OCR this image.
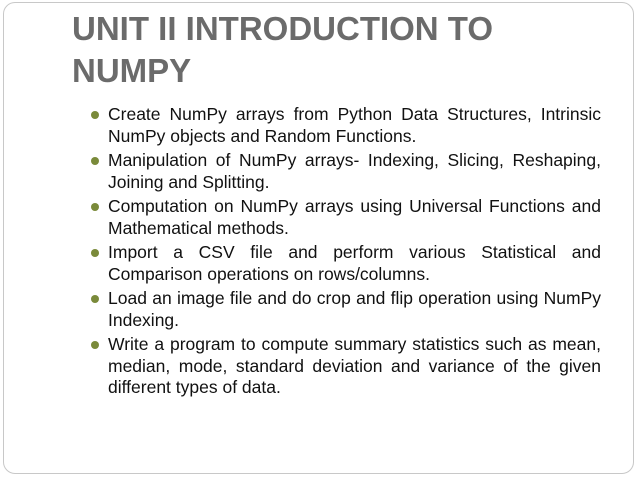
UNIT II INTRODUCTION TO NUMPY
Create NumPy arrays from Python Data Structures, Intrinsic NumPy objects and Random Functions.
Manipulation of NumPy arrays- Indexing, Slicing, Reshaping, Joining and Splitting.
Computation on NumPy arrays using Universal Functions and Mathematical methods.
Import a CSV file and perform various Statistical and Comparison operations on rows/columns.
Load an image file and do crop and flip operation using NumPy Indexing.
Write a program to compute summary statistics such as mean, median, mode, standard deviation and variance of the given different types of data.
